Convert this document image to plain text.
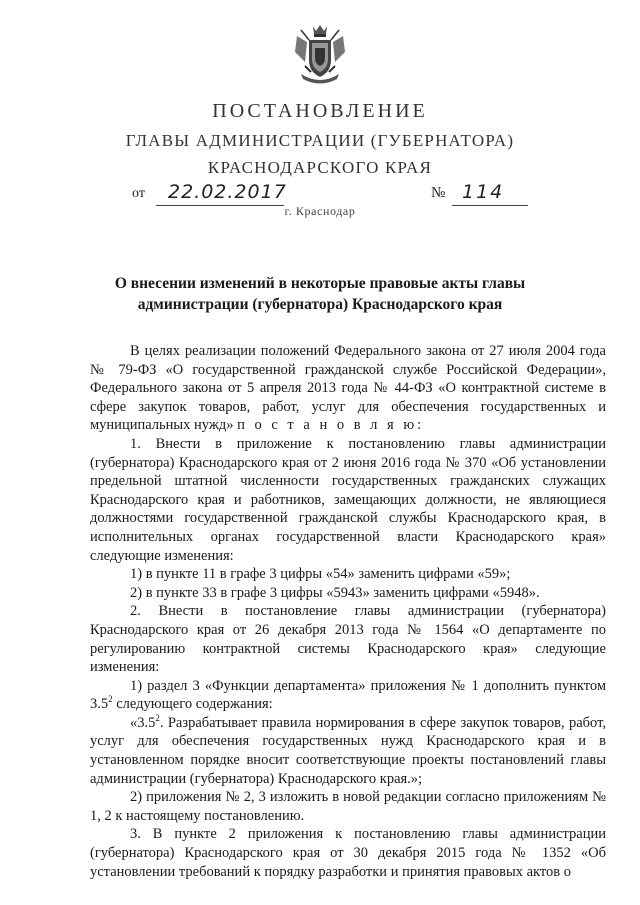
ПОСТАНОВЛЕНИЕ
ГЛАВЫ АДМИНИСТРАЦИИ (ГУБЕРНАТОРА)
КРАСНОДАРСКОГО КРАЯ
от 22.02.2017	№ 114
г. Краснодар
О внесении изменений в некоторые правовые акты главы
администрации (губернатора) Краснодарского края

В целях реализации положений Федерального закона от 27 июля 2004 года № 79-ФЗ «О государственной гражданской службе Российской Федерации», Федерального закона от 5 апреля 2013 года № 44-ФЗ «О контрактной системе в сфере закупок товаров, работ, услуг для обеспечения государственных и муниципальных нужд» п о с т а н о в л я ю:

1. Внести в приложение к постановлению главы администрации (губернатора) Краснодарского края от 2 июня 2016 года № 370 «Об установлении предельной штатной численности государственных гражданских служащих Краснодарского края и работников, замещающих должности, не являющиеся должностями государственной гражданской службы Краснодарского края, в исполнительных органах государственной власти Краснодарского края» следующие изменения:

1) в пункте 11 в графе 3 цифры «54» заменить цифрами «59»;

2) в пункте 33 в графе 3 цифры «5943» заменить цифрами «5948».

2. Внести в постановление главы администрации (губернатора) Краснодарского края от 26 декабря 2013 года № 1564 «О департаменте по регулированию контрактной системы Краснодарского края» следующие изменения:

1) раздел 3 «Функции департамента» приложения № 1 дополнить пунктом $3.5^2$ следующего содержания:

«$3.5^2$. Разрабатывает правила нормирования в сфере закупок товаров, работ, услуг для обеспечения государственных нужд Краснодарского края и в установленном порядке вносит соответствующие проекты постановлений главы администрации (губернатора) Краснодарского края.»;

2) приложения № 2, 3 изложить в новой редакции согласно приложениям № 1, 2 к настоящему постановлению.

3. В пункте 2 приложения к постановлению главы администрации (губернатора) Краснодарского края от 30 декабря 2015 года № 1352 «Об установлении требований к порядку разработки и принятия правовых актов о
